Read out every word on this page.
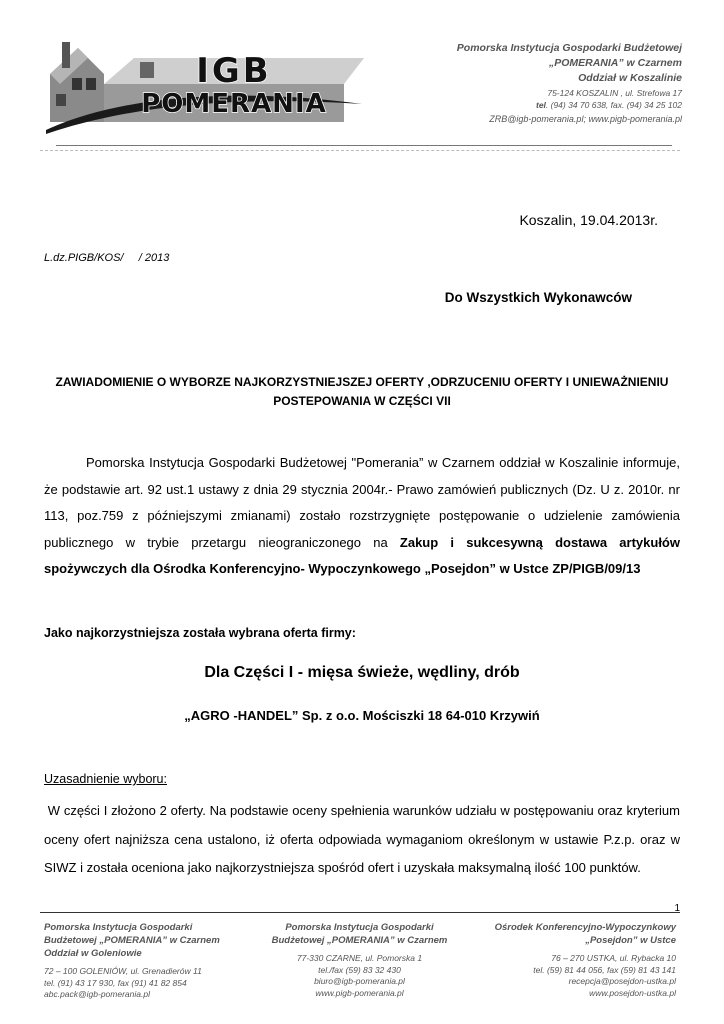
IGB
POMERANIA
Pomorska Instytucja Gospodarki Budżetowej
„POMERANIA” w Czarnem
Oddział w Koszalinie
75-124 KOSZALIN , ul. Strefowa 17
tel. (94) 34 70 638, fax. (94) 34 25 102
ZRB@igb-pomerania.pl; www.pigb-pomerania.pl
Koszalin, 19.04.2013r.
L.dz.PIGB/KOS/     / 2013
Do Wszystkich Wykonawców
ZAWIADOMIENIE O WYBORZE NAJKORZYSTNIEJSZEJ OFERTY ,ODRZUCENIU OFERTY I UNIEWAŻNIENIU
POSTEPOWANIA W CZĘŚCI VII
Pomorska Instytucja Gospodarki Budżetowej "Pomerania” w Czarnem oddział w Koszalinie informuje, że podstawie art. 92 ust.1 ustawy z dnia 29 stycznia 2004r.- Prawo zamówień publicznych (Dz. U z. 2010r. nr 113, poz.759 z późniejszymi zmianami) zostało rozstrzygnięte postępowanie o udzielenie zamówienia publicznego w trybie przetargu nieograniczonego na Zakup i sukcesywną dostawa artykułów spożywczych dla Ośrodka Konferencyjno- Wypoczynkowego „Posejdon” w Ustce ZP/PIGB/09/13
Jako najkorzystniejsza została wybrana oferta firmy:
Dla Części I - mięsa świeże, wędliny, drób
„AGRO -HANDEL” Sp. z o.o. Mościszki 18 64-010 Krzywiń
Uzasadnienie wyboru:
W części I złożono 2 oferty. Na podstawie oceny spełnienia warunków udziału w postępowaniu oraz kryterium oceny ofert najniższa cena ustalono, iż oferta odpowiada wymaganiom określonym w ustawie P.z.p. oraz w SIWZ i została oceniona jako najkorzystniejsza spośród ofert i uzyskała maksymalną ilość 100 punktów.
1
Pomorska Instytucja Gospodarki
Budżetowej „POMERANIA” w Czarnem
Oddział w Goleniowie
72 – 100 GOLENIÓW, ul. Grenadierów 11
tel. (91) 43 17 930, fax (91) 41 82 854
abc.pack@igb-pomerania.pl
Pomorska Instytucja Gospodarki
Budżetowej „POMERANIA” w Czarnem
77-330 CZARNE, ul. Pomorska 1
tel./fax (59) 83 32 430
biuro@igb-pomerania.pl
www.pigb-pomerania.pl
Ośrodek Konferencyjno-Wypoczynkowy
„Posejdon” w Ustce
76 – 270 USTKA, ul. Rybacka 10
tel. (59) 81 44 056, fax (59) 81 43 141
recepcja@posejdon-ustka.pl
www.posejdon-ustka.pl
